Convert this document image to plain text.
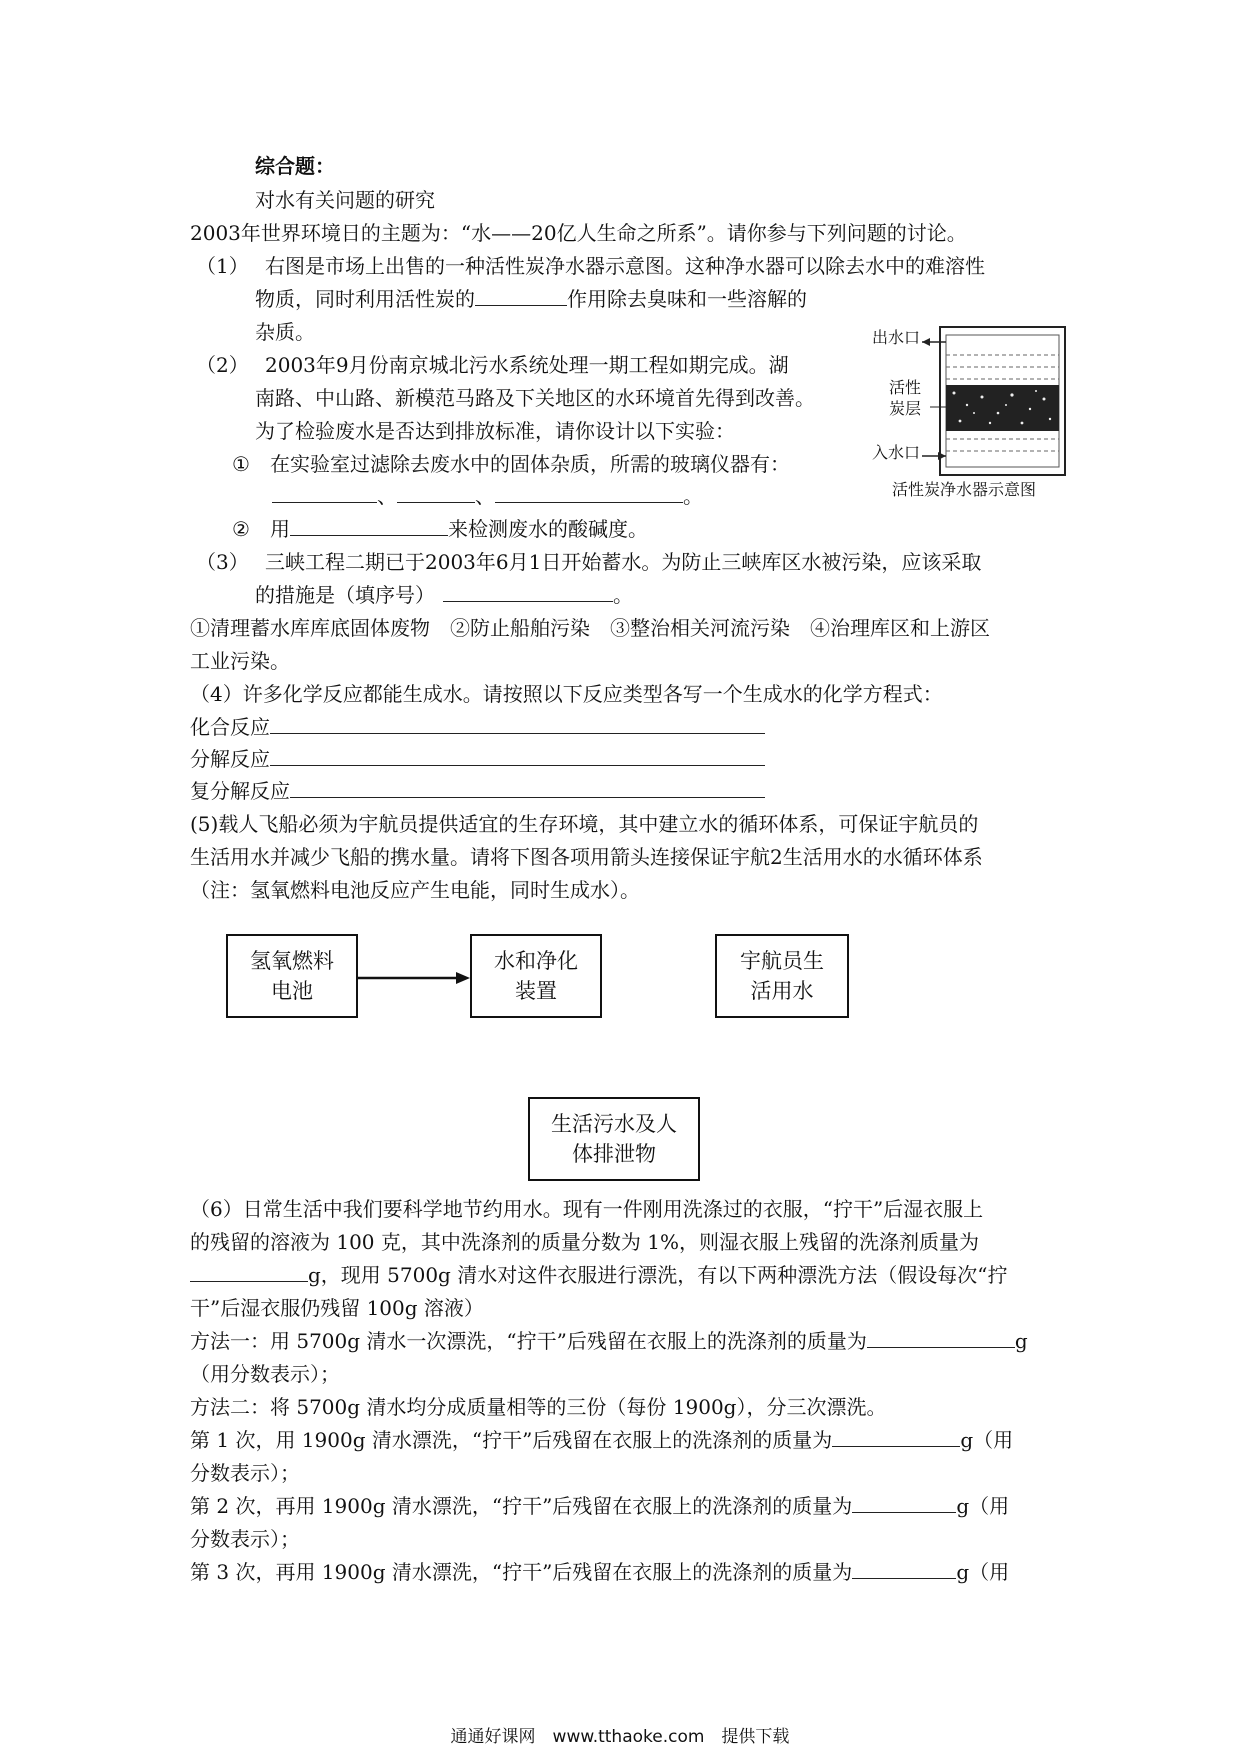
综合题：
对水有关问题的研究
2003年世界环境日的主题为：“水——20亿人生命之所系”。请你参与下列问题的讨论。
（1） 右图是市场上出售的一种活性炭净水器示意图。这种净水器可以除去水中的难溶性
物质，同时利用活性炭的	作用除去臭味和一些溶解的
杂质。	出水口
活性
炭层
入水口
活性炭净水器示意图
（2） 2003年9月份南京城北污水系统处理一期工程如期完成。湖
南路、中山路、新模范马路及下关地区的水环境首先得到改善。
为了检验废水是否达到排放标准，请你设计以下实验：
① 在实验室过滤除去废水中的固体杂质，所需的玻璃仪器有：
、	、	。
② 用	来检测废水的酸碱度。
（3） 三峡工程二期已于2003年6月1日开始蓄水。为防止三峡库区水被污染，应该采取
的措施是（填序号）	。
①清理蓄水库库底固体废物　②防止船舶污染　③整治相关河流污染　④治理库区和上游区
工业污染。
（4）许多化学反应都能生成水。请按照以下反应类型各写一个生成水的化学方程式：
化合反应
分解反应
复分解反应
(5)载人飞船必须为宇航员提供适宜的生存环境，其中建立水的循环体系，可保证宇航员的
生活用水并减少飞船的携水量。请将下图各项用箭头连接保证宇航2生活用水的水循环体系
（注：氢氧燃料电池反应产生电能，同时生成水）。
氢氧燃料电池
水和净化装置
宇航员生活用水
生活污水及人体排泄物
（6）日常生活中我们要科学地节约用水。现有一件刚用洗涤过的衣服，“拧干”后湿衣服上
的残留的溶液为 100 克，其中洗涤剂的质量分数为 1%，则湿衣服上残留的洗涤剂质量为
g，现用 5700g 清水对这件衣服进行漂洗，有以下两种漂洗方法（假设每次“拧
干”后湿衣服仍残留 100g 溶液）
方法一：用 5700g 清水一次漂洗，“拧干”后残留在衣服上的洗涤剂的质量为	g
（用分数表示）；
方法二：将 5700g 清水均分成质量相等的三份（每份 1900g），分三次漂洗。
第 1 次，用 1900g 清水漂洗，“拧干”后残留在衣服上的洗涤剂的质量为	g（用
分数表示）；
第 2 次，再用 1900g 清水漂洗，“拧干”后残留在衣服上的洗涤剂的质量为	g（用
分数表示）；
第 3 次，再用 1900g 清水漂洗，“拧干”后残留在衣服上的洗涤剂的质量为	g（用
通通好课网　www.tthaoke.com　提供下载
